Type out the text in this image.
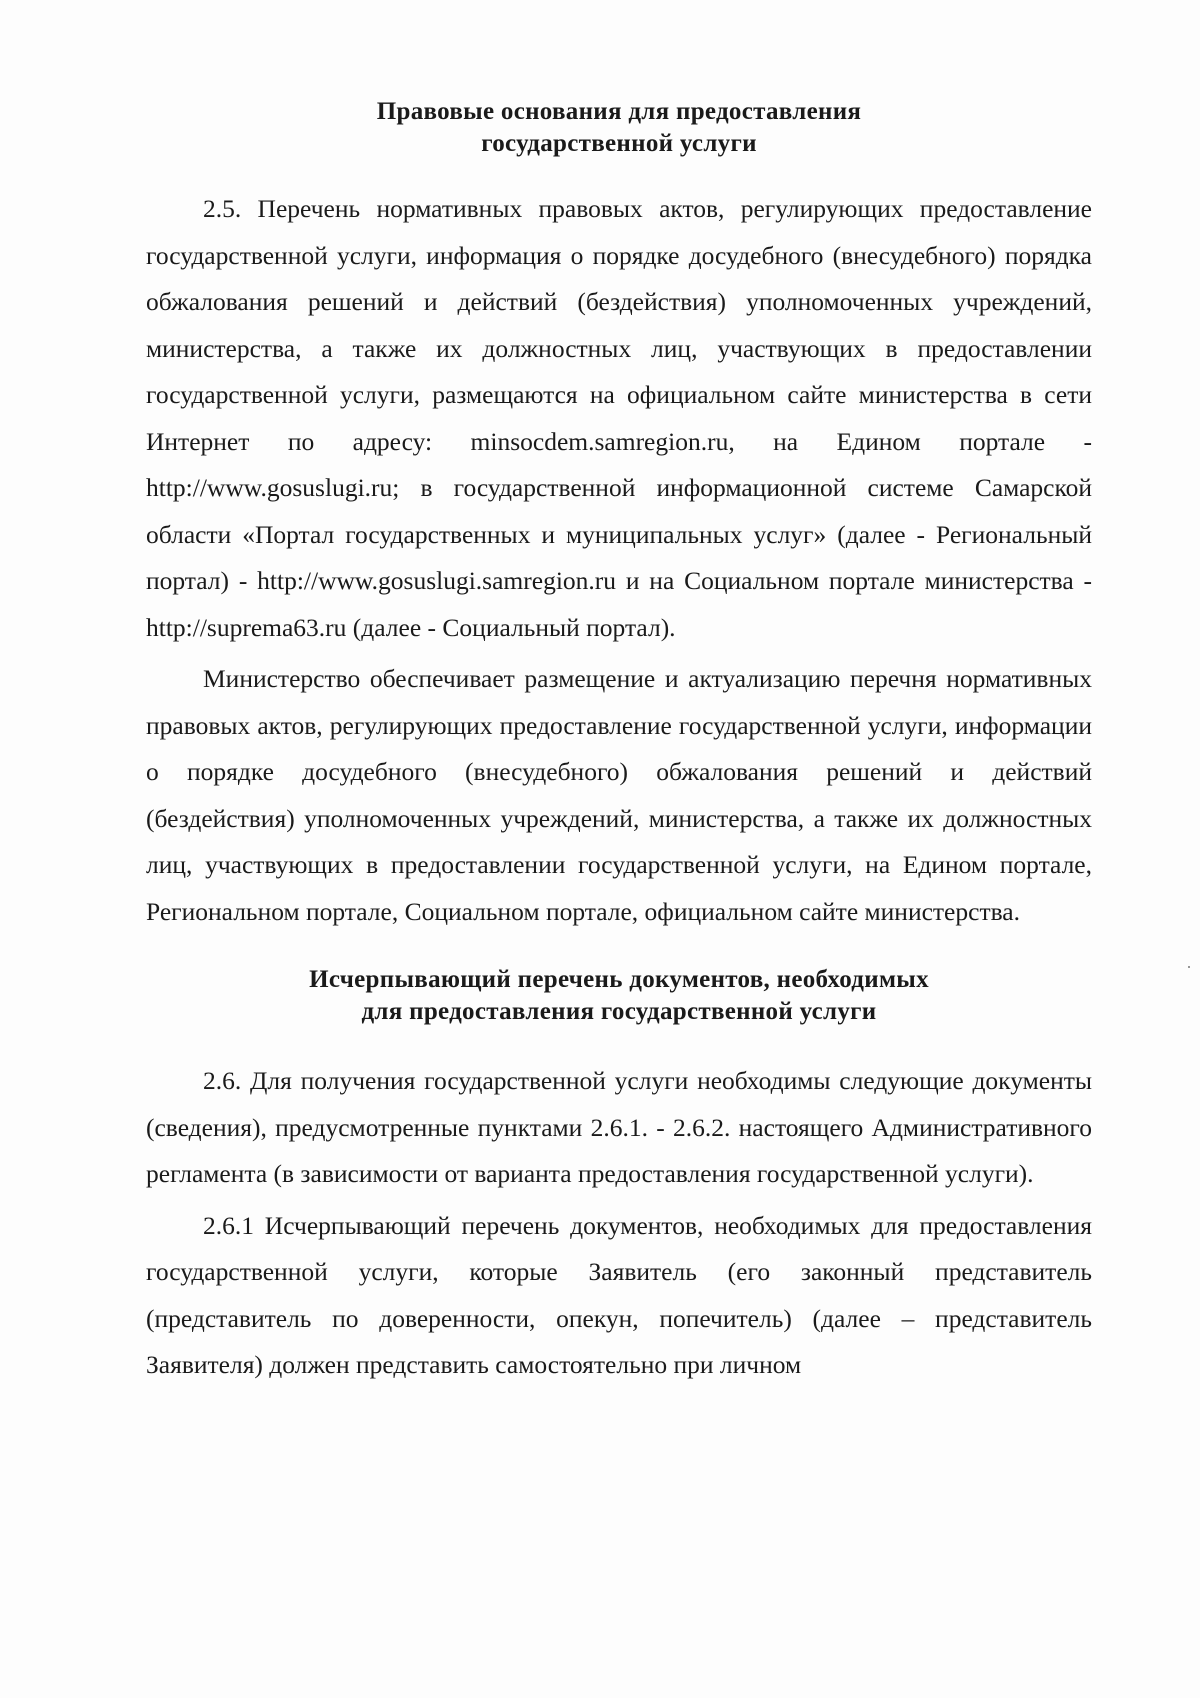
Правовые основания для предоставления
государственной услуги

2.5. Перечень нормативных правовых актов, регулирующих предоставление государственной услуги, информация о порядке досудебного (внесудебного) порядка обжалования решений и действий (бездействия) уполномоченных учреждений, министерства, а также их должностных лиц, участвующих в предоставлении государственной услуги, размещаются на официальном сайте министерства в сети Интернет по адресу: minsocdem.samregion.ru, на Едином портале - http://www.gosuslugi.ru; в государственной информационной системе Самарской области «Портал государственных и муниципальных услуг» (далее - Региональный портал) - http://www.gosuslugi.samregion.ru и на Социальном портале министерства - http://suprema63.ru (далее - Социальный портал).

Министерство обеспечивает размещение и актуализацию перечня нормативных правовых актов, регулирующих предоставление государственной услуги, информации о порядке досудебного (внесудебного) обжалования решений и действий (бездействия) уполномоченных учреждений, министерства, а также их должностных лиц, участвующих в предоставлении государственной услуги, на Едином портале, Региональном портале, Социальном портале, официальном сайте министерства.

Исчерпывающий перечень документов, необходимых
для предоставления государственной услуги

2.6. Для получения государственной услуги необходимы следующие документы (сведения), предусмотренные пунктами 2.6.1. - 2.6.2. настоящего Административного регламента (в зависимости от варианта предоставления государственной услуги).

2.6.1 Исчерпывающий перечень документов, необходимых для предоставления государственной услуги, которые Заявитель (его законный представитель (представитель по доверенности, опекун, попечитель) (далее – представитель Заявителя) должен представить самостоятельно при личном
